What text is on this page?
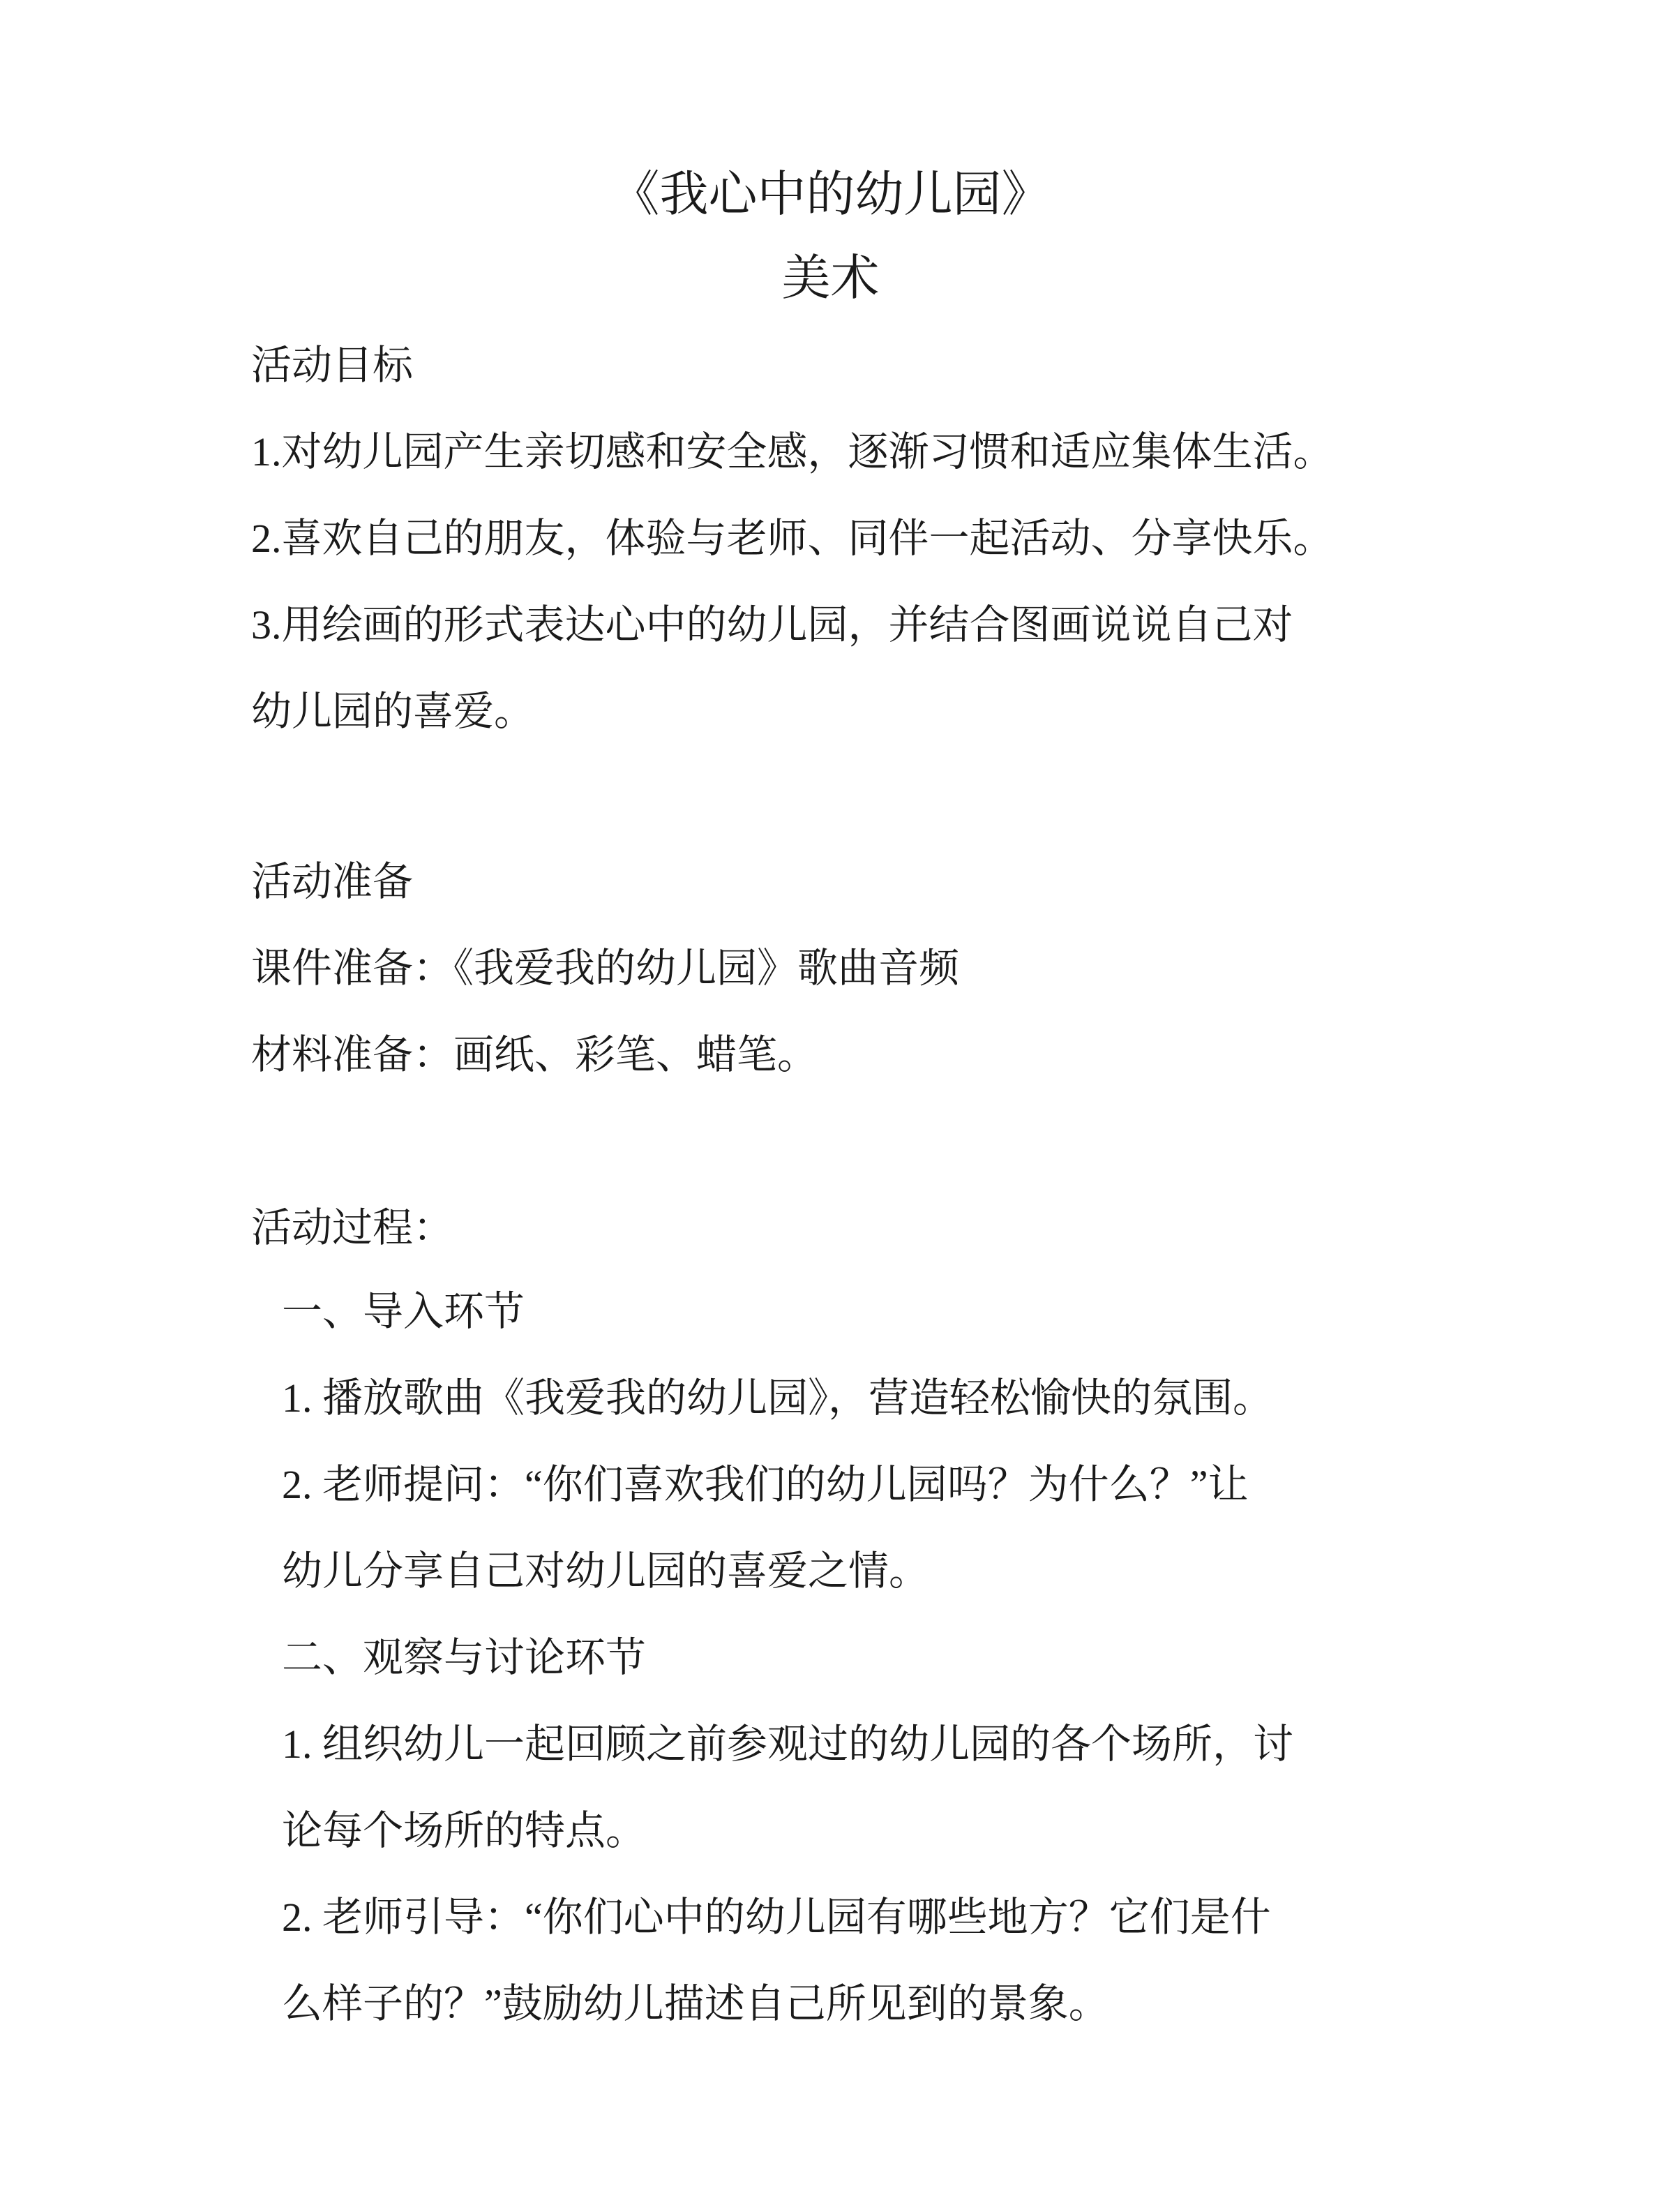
《我心中的幼儿园》
美术
活动目标
1.对幼儿园产生亲切感和安全感，逐渐习惯和适应集体生活。
2.喜欢自己的朋友，体验与老师、同伴一起活动、分享快乐。
3.用绘画的形式表达心中的幼儿园，并结合图画说说自己对
幼儿园的喜爱。
活动准备
课件准备：《我爱我的幼儿园》歌曲音频
材料准备：画纸、彩笔、蜡笔。
活动过程：
一、导入环节
1. 播放歌曲《我爱我的幼儿园》，营造轻松愉快的氛围。
2. 老师提问：“你们喜欢我们的幼儿园吗？为什么？”让
幼儿分享自己对幼儿园的喜爱之情。
二、观察与讨论环节
1. 组织幼儿一起回顾之前参观过的幼儿园的各个场所，讨
论每个场所的特点。
2. 老师引导：“你们心中的幼儿园有哪些地方？它们是什
么样子的？”鼓励幼儿描述自己所见到的景象。
